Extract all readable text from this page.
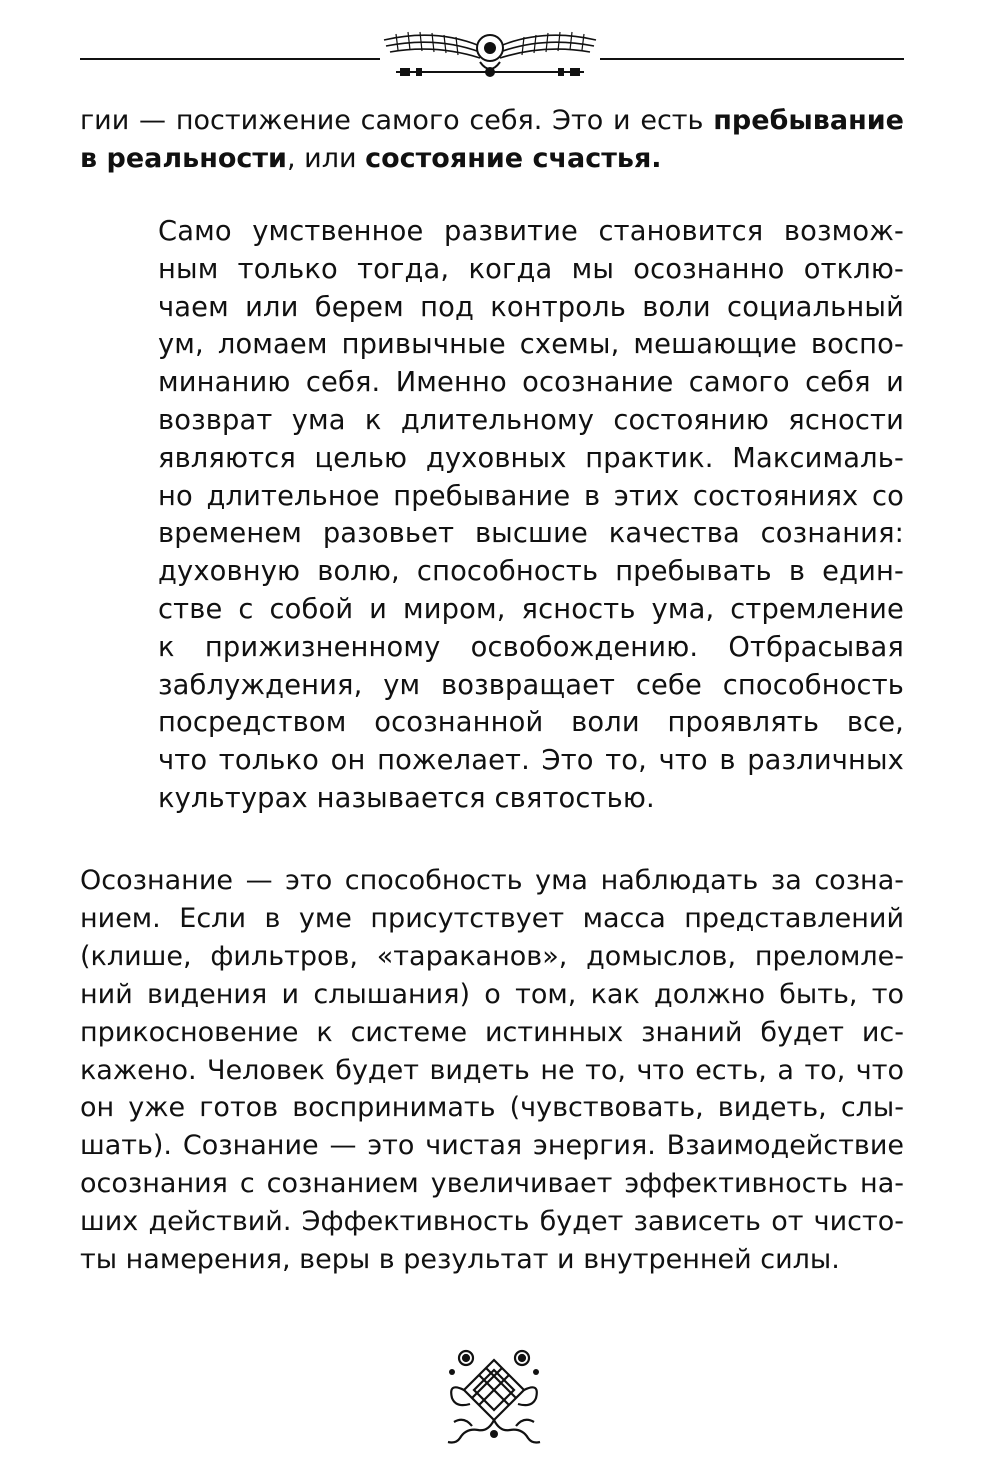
гии — постижение самого себя. Это и есть пребывание
в реальности, или состояние счастья.

Само умственное развитие становится возмож-
ным только тогда, когда мы осознанно отклю-
чаем или берем под контроль воли социальный
ум, ломаем привычные схемы, мешающие воспо-
минанию себя. Именно осознание самого себя и
возврат ума к длительному состоянию ясности
являются целью духовных практик. Максималь-
но длительное пребывание в этих состояниях со
временем разовьет высшие качества сознания:
духовную волю, способность пребывать в един-
стве с собой и миром, ясность ума, стремление
к прижизненному освобождению. Отбрасывая
заблуждения, ум возвращает себе способность
посредством осознанной воли проявлять все,
что только он пожелает. Это то, что в различных
культурах называется святостью.

Осознание — это способность ума наблюдать за созна-
нием. Если в уме присутствует масса представлений
(клише, фильтров, «тараканов», домыслов, преломле-
ний видения и слышания) о том, как должно быть, то
прикосновение к системе истинных знаний будет ис-
кажено. Человек будет видеть не то, что есть, а то, что
он уже готов воспринимать (чувствовать, видеть, слы-
шать). Сознание — это чистая энергия. Взаимодействие
осознания с сознанием увеличивает эффективность на-
ших действий. Эффективность будет зависеть от чисто-
ты намерения, веры в результат и внутренней силы.
